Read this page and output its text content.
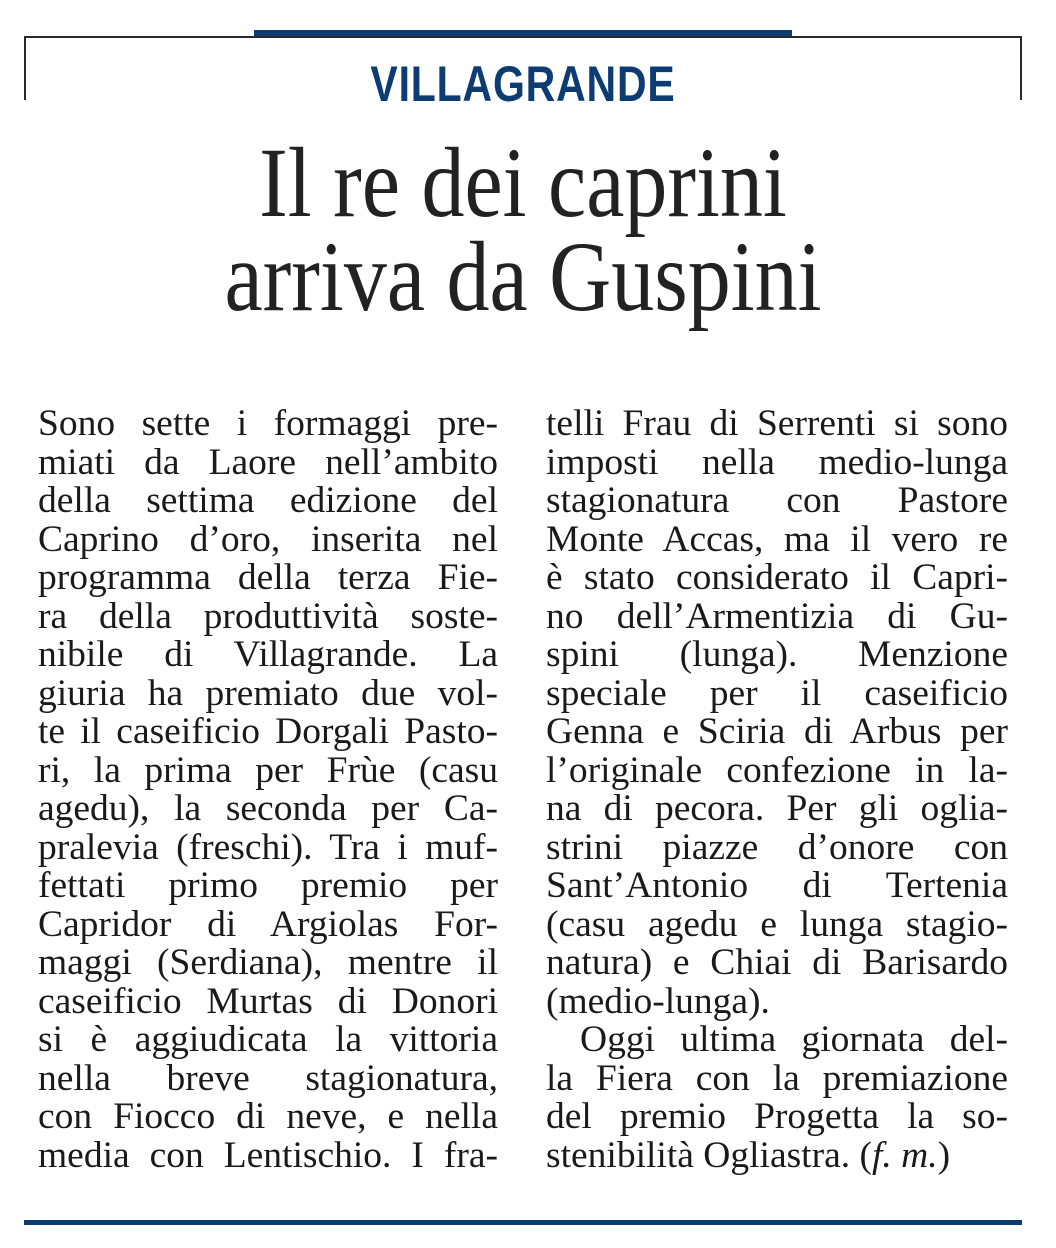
VILLAGRANDE
Il re dei caprini
arriva da Guspini
Sono sette i formaggi pre-
miati da Laore nell’ambito
della settima edizione del
Caprino d’oro, inserita nel
programma della terza Fie-
ra della produttività soste-
nibile di Villagrande. La
giuria ha premiato due vol-
te il caseificio Dorgali Pasto-
ri, la prima per Frùe (casu
agedu), la seconda per Ca-
pralevia (freschi). Tra i muf-
fettati primo premio per
Capridor di Argiolas For-
maggi (Serdiana), mentre il
caseificio Murtas di Donori
si è aggiudicata la vittoria
nella breve stagionatura,
con Fiocco di neve, e nella
media con Lentischio. I fra-
telli Frau di Serrenti si sono
imposti nella medio-lunga
stagionatura con Pastore
Monte Accas, ma il vero re
è stato considerato il Capri-
no dell’Armentizia di Gu-
spini (lunga). Menzione
speciale per il caseificio
Genna e Sciria di Arbus per
l’originale confezione in la-
na di pecora. Per gli oglia-
strini piazze d’onore con
Sant’Antonio di Tertenia
(casu agedu e lunga stagio-
natura) e Chiai di Barisardo
(medio-lunga).
Oggi ultima giornata del-
la Fiera con la premiazione
del premio Progetta la so-
stenibilità Ogliastra. (f. m.)
